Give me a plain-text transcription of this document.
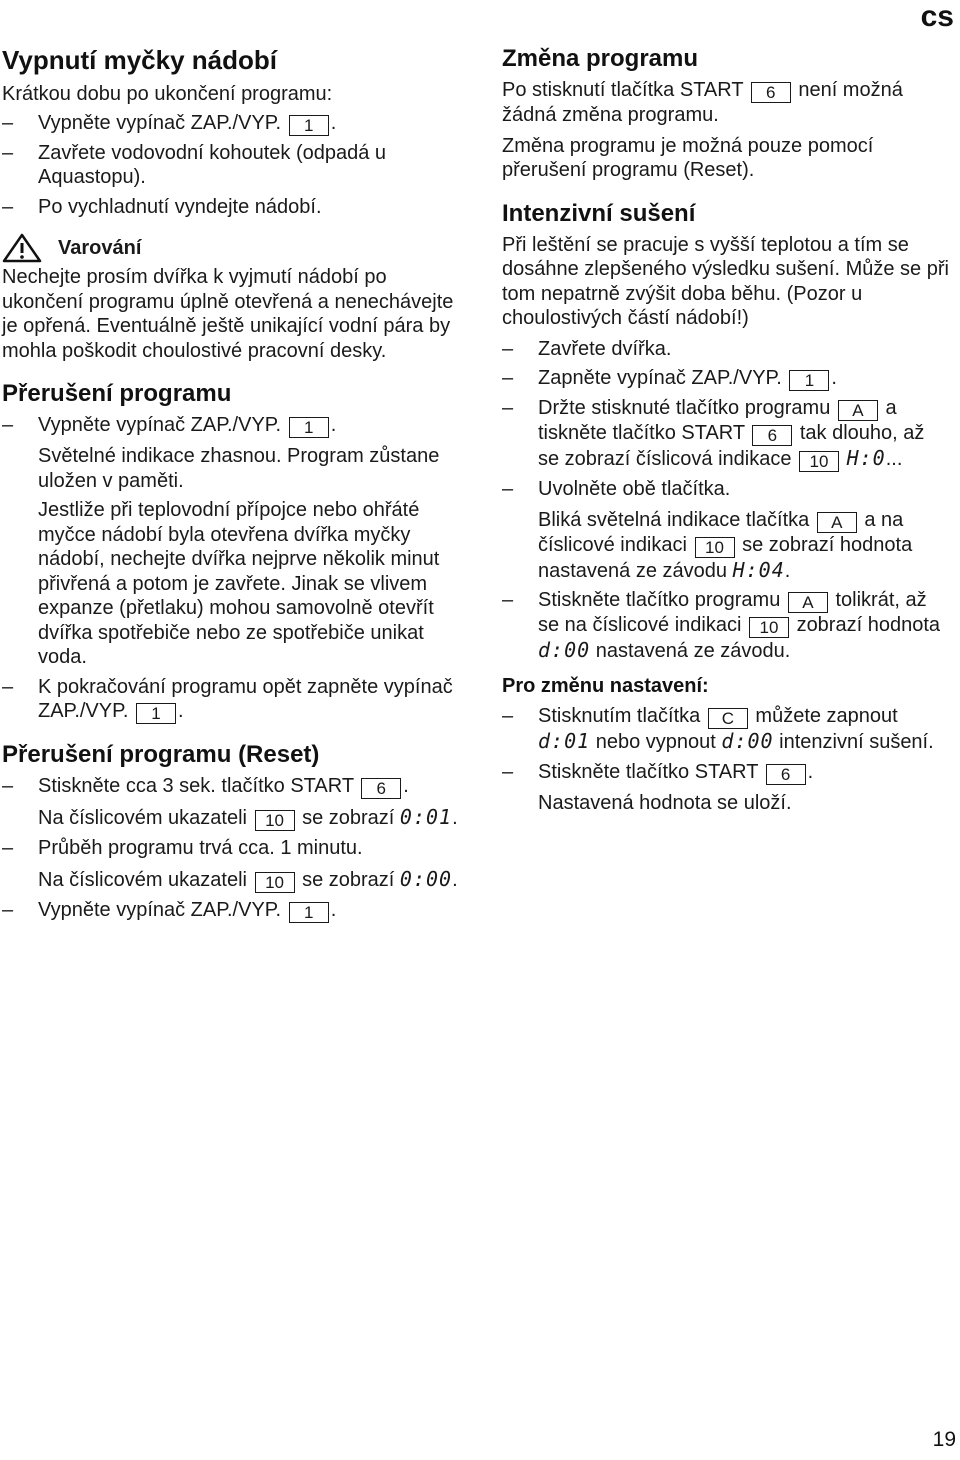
cs
Vypnutí myčky nádobí

Krátkou dobu po ukončení programu:

– Vypněte vypínač ZAP./VYP. 1 .
– Zavřete vodovodní kohoutek (odpadá u Aquastopu).
– Po vychladnutí vyndejte nádobí.
Varování

Nechejte prosím dvířka k vyjmutí nádobí po ukončení programu úplně otevřená a nenechávejte je opřená. Eventuálně ještě unikající vodní pára by mohla poškodit choulostivé pracovní desky.

Přerušení programu
– Vypněte vypínač ZAP./VYP. 1 .

Světelné indikace zhasnou. Program zůstane uložen v paměti.

Jestliže při teplovodní přípojce nebo ohřáté myčce nádobí byla otevřena dvířka myčky nádobí, nechejte dvířka nejprve několik minut přivřená a potom je zavřete. Jinak se vlivem expanze (přetlaku) mohou samovolně otevřít dvířka spotřebiče nebo ze spotřebiče unikat voda.

– K pokračování programu opět zapněte vypínač ZAP./VYP. 1 .
Přerušení programu (Reset)
– Stiskněte cca 3 sek. tlačítko START 6 .

Na číslicovém ukazateli 10 se zobrazí 0:01.

– Průběh programu trvá cca. 1 minutu.

Na číslicovém ukazateli 10 se zobrazí 0:00.

– Vypněte vypínač ZAP./VYP. 1 .
Změna programu

Po stisknutí tlačítka START 6 není možná žádná změna programu.

Změna programu je možná pouze pomocí přerušení programu (Reset).

Intenzivní sušení

Při leštění se pracuje s vyšší teplotou a tím se dosáhne zlepšeného výsledku sušení. Může se při tom nepatrně zvýšit doba běhu. (Pozor u choulostivých částí nádobí!)

– Zavřete dvířka.
– Zapněte vypínač ZAP./VYP. 1 .
– Držte stisknuté tlačítko programu A a tiskněte tlačítko START 6 tak dlouho, až se zobrazí číslicová indikace 10 H:0...
– Uvolněte obě tlačítka.

Bliká světelná indikace tlačítka A a na číslicové indikaci 10 se zobrazí hodnota nastavená ze závodu H:04.

– Stiskněte tlačítko programu A tolikrát, až se na číslicové indikaci 10 zobrazí hodnota d:00 nastavená ze závodu.
Pro změnu nastavení:
– Stisknutím tlačítka C můžete zapnout d:01 nebo vypnout d:00 intenzivní sušení.
– Stiskněte tlačítko START 6 .

Nastavená hodnota se uloží.

19
